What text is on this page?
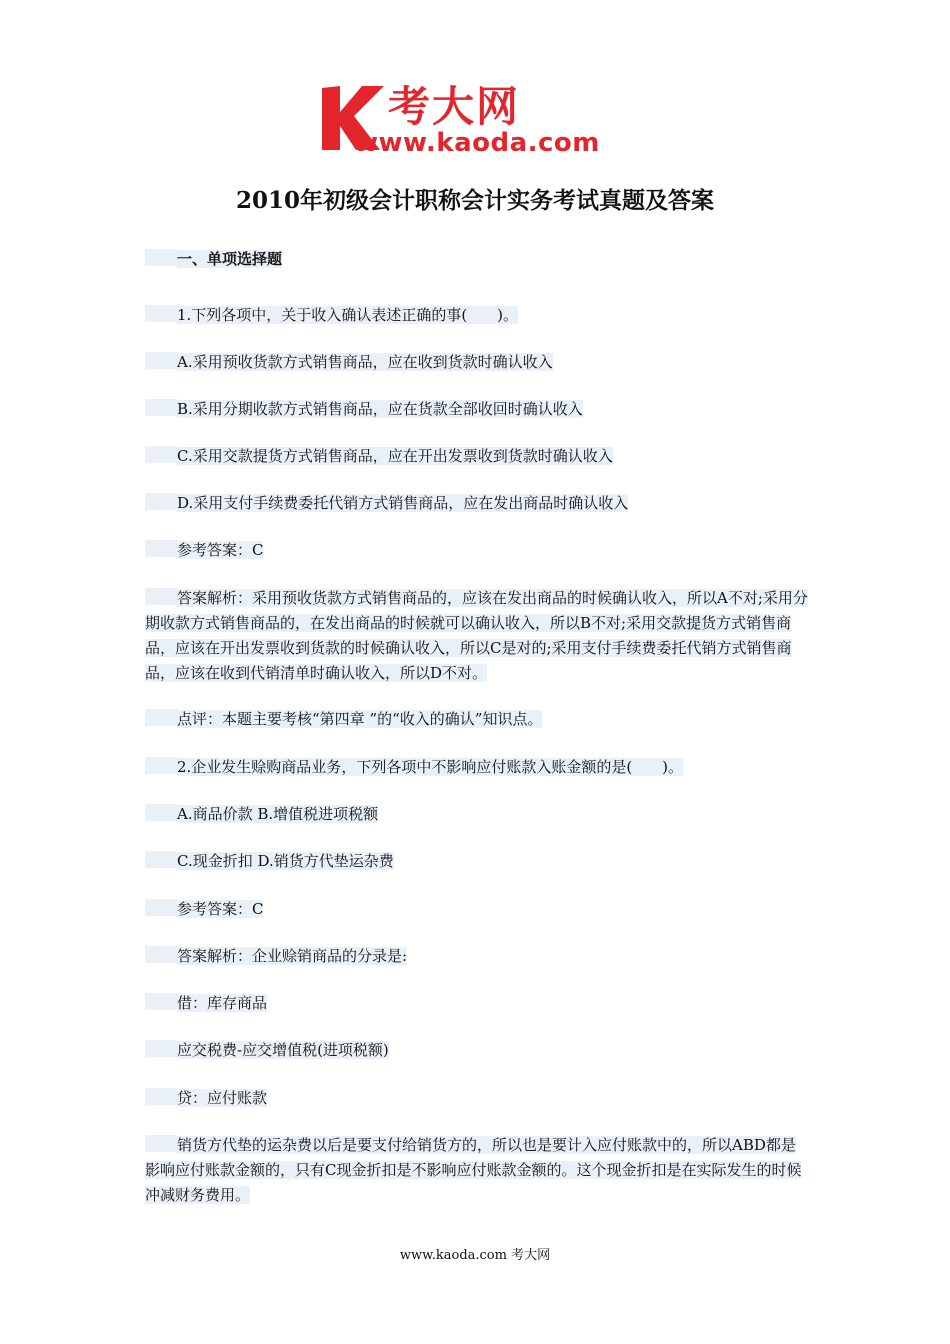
考大网
www.kaoda.com
2010年初级会计职称会计实务考试真题及答案

一、单项选择题

1.下列各项中，关于收入确认表述正确的事(　　)。

A.采用预收货款方式销售商品，应在收到货款时确认收入

B.采用分期收款方式销售商品，应在货款全部收回时确认收入

C.采用交款提货方式销售商品，应在开出发票收到货款时确认收入

D.采用支付手续费委托代销方式销售商品，应在发出商品时确认收入

参考答案：C

答案解析：采用预收货款方式销售商品的，应该在发出商品的时候确认收入，所以A不对;采用分期收款方式销售商品的，在发出商品的时候就可以确认收入，所以B不对;采用交款提货方式销售商品，应该在开出发票收到货款的时候确认收入，所以C是对的;采用支付手续费委托代销方式销售商品，应该在收到代销清单时确认收入，所以D不对。

点评：本题主要考核“第四章 ”的“收入的确认”知识点。

2.企业发生赊购商品业务，下列各项中不影响应付账款入账金额的是(　　)。

A.商品价款 B.增值税进项税额

C.现金折扣 D.销货方代垫运杂费

参考答案：C

答案解析：企业赊销商品的分录是:

借：库存商品

应交税费-应交增值税(进项税额)

贷：应付账款

销货方代垫的运杂费以后是要支付给销货方的，所以也是要计入应付账款中的，所以ABD都是影响应付账款金额的，只有C现金折扣是不影响应付账款金额的。这个现金折扣是在实际发生的时候冲减财务费用。

www.kaoda.com 考大网
